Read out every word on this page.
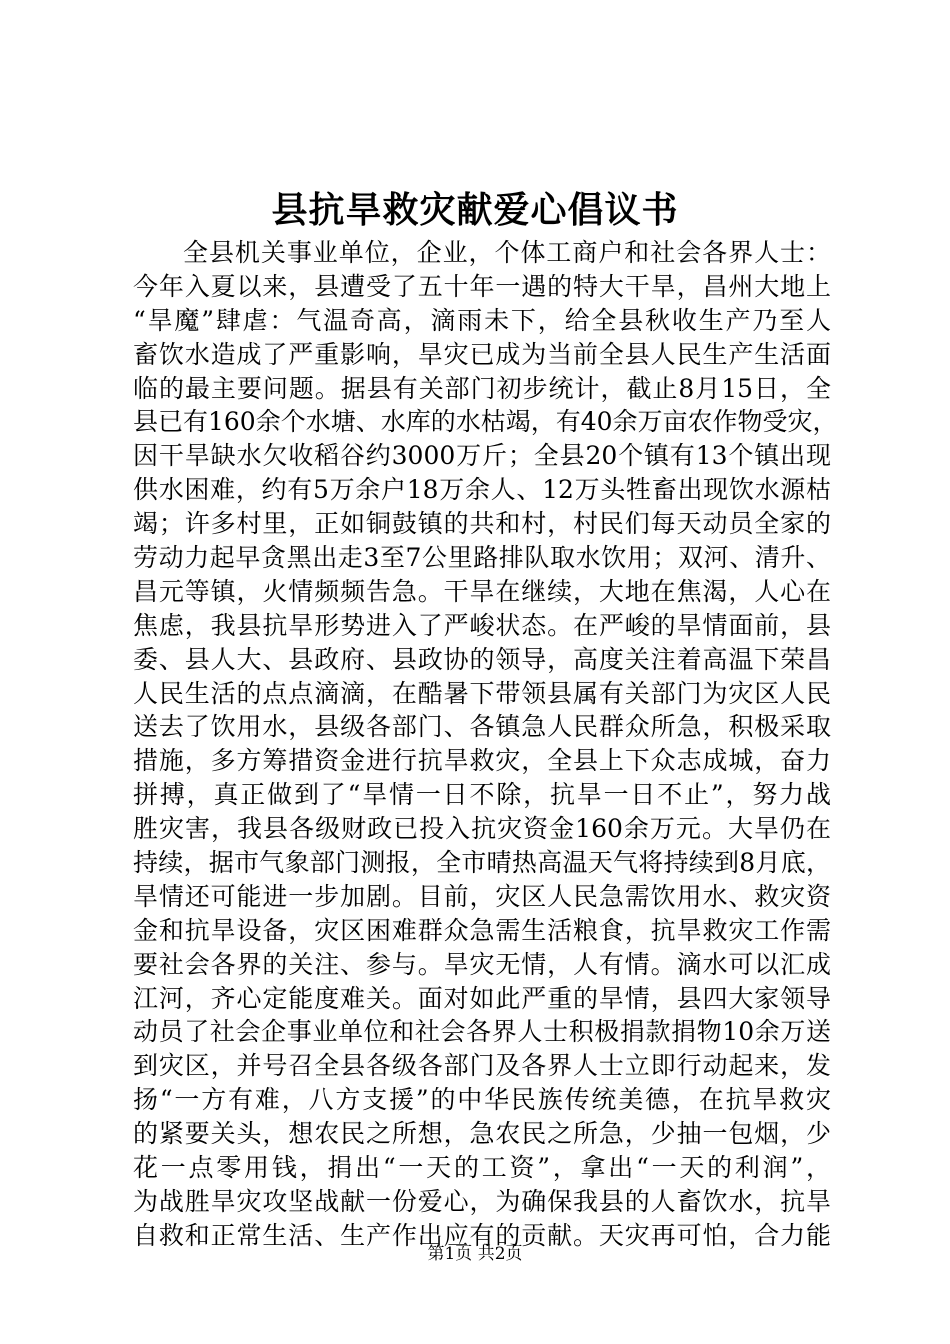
县抗旱救灾献爱心倡议书
全县机关事业单位，企业，个体工商户和社会各界人士：
今年入夏以来，县遭受了五十年一遇的特大干旱，昌州大地上
“旱魔”肆虐：气温奇高，滴雨未下，给全县秋收生产乃至人
畜饮水造成了严重影响，旱灾已成为当前全县人民生产生活面
临的最主要问题。据县有关部门初步统计，截止8月15日，全
县已有160余个水塘、水库的水枯竭，有40余万亩农作物受灾，
因干旱缺水欠收稻谷约3000万斤；全县20个镇有13个镇出现
供水困难，约有5万余户18万余人、12万头牲畜出现饮水源枯
竭；许多村里，正如铜鼓镇的共和村，村民们每天动员全家的
劳动力起早贪黑出走3至7公里路排队取水饮用；双河、清升、
昌元等镇，火情频频告急。干旱在继续，大地在焦渴，人心在
焦虑，我县抗旱形势进入了严峻状态。在严峻的旱情面前，县
委、县人大、县政府、县政协的领导，高度关注着高温下荣昌
人民生活的点点滴滴，在酷暑下带领县属有关部门为灾区人民
送去了饮用水，县级各部门、各镇急人民群众所急，积极采取
措施，多方筹措资金进行抗旱救灾，全县上下众志成城，奋力
拼搏，真正做到了“旱情一日不除，抗旱一日不止”，努力战
胜灾害，我县各级财政已投入抗灾资金160余万元。大旱仍在
持续，据市气象部门测报，全市晴热高温天气将持续到8月底，
旱情还可能进一步加剧。目前，灾区人民急需饮用水、救灾资
金和抗旱设备，灾区困难群众急需生活粮食，抗旱救灾工作需
要社会各界的关注、参与。旱灾无情，人有情。滴水可以汇成
江河，齐心定能度难关。面对如此严重的旱情，县四大家领导
动员了社会企事业单位和社会各界人士积极捐款捐物10余万送
到灾区，并号召全县各级各部门及各界人士立即行动起来，发
扬“一方有难，八方支援”的中华民族传统美德，在抗旱救灾
的紧要关头，想农民之所想，急农民之所急，少抽一包烟，少
花一点零用钱，捐出“一天的工资”，拿出“一天的利润”，
为战胜旱灾攻坚战献一份爱心，为确保我县的人畜饮水，抗旱
自救和正常生活、生产作出应有的贡献。天灾再可怕，合力能
第1页 共2页
